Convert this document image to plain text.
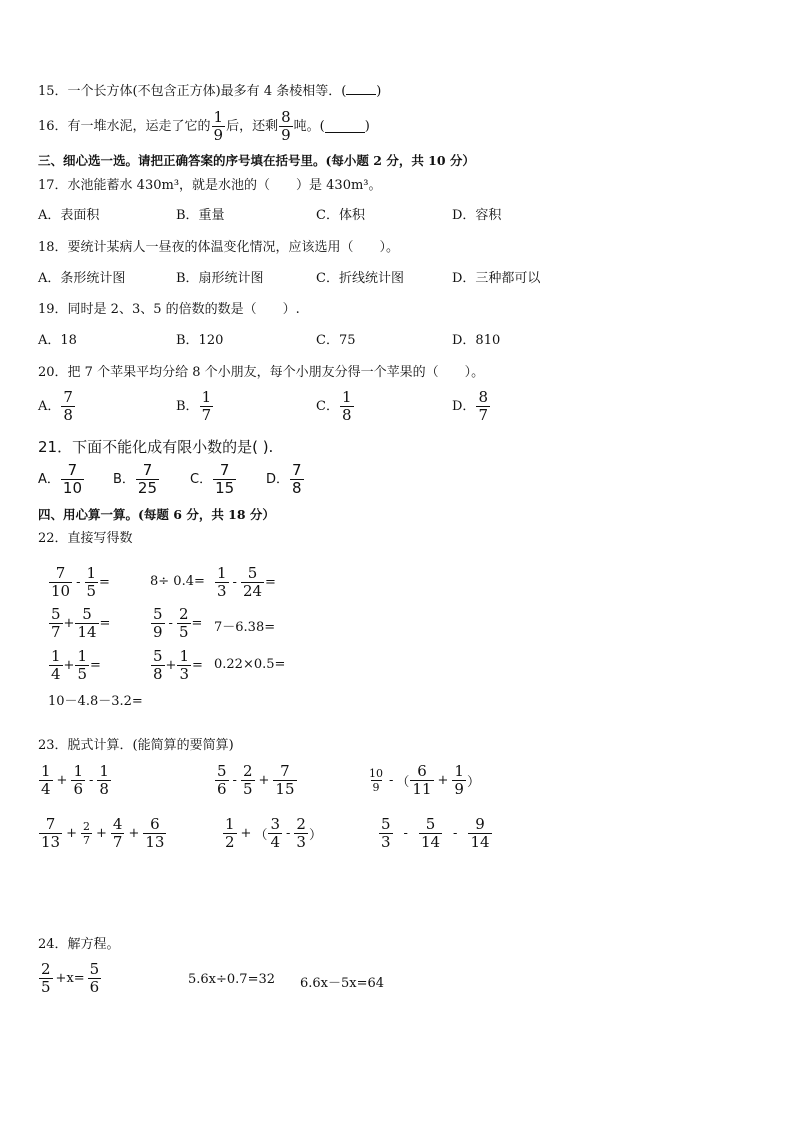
15．一个长方体(不包含正方体)最多有 4 条棱相等．( )
16．有一堆水泥，运走了它的 $\frac{1}{9}$ 后，还剩 $\frac{8}{9}$ 吨。(	)
三、细心选一选。请把正确答案的序号填在括号里。(每小题 2 分，共 10 分）
17．水池能蓄水 430m³，就是水池的（　　）是 430m³。
A．表面积	B．重量	C．体积	D．容积
18．要统计某病人一昼夜的体温变化情况，应该选用（　　）。
A．条形统计图	B．扇形统计图	C．折线统计图	D．三种都可以
19．同时是 2、3、5 的倍数的数是（　　）.
A．18	B．120	C．75	D．810
20．把 7 个苹果平均分给 8 个小朋友，每个小朋友分得一个苹果的（　　）。
A． $\frac{7}{8}$	B． $\frac{1}{7}$	C． $\frac{1}{8}$	D． $\frac{8}{7}$
21．下面不能化成有限小数的是( ).
A． $\frac{7}{10}$ B． $\frac{7}{25}$ C． $\frac{7}{15}$ D． $\frac{7}{8}$
四、用心算一算。(每题 6 分，共 18 分）
22．直接写得数
$\frac{7}{10} - \frac{1}{5}$ =	$8\div 0.4= \frac{1}{3} - \frac{5}{24}$ =
$\frac{5}{7} + \frac{5}{14}$ =	$\frac{5}{9} - \frac{2}{5} = 7-6.38=$
$\frac{1}{4} + \frac{1}{5}$ =	$\frac{5}{8} + \frac{1}{3} = 0.22\times 0.5=$
10－4.8－3.2=
23．脱式计算．(能简算的要简算)
$\frac{1}{4} + \frac{1}{6} - \frac{1}{8}$	$\frac{5}{6} - \frac{2}{5} + \frac{7}{15}$	$\frac{10}{9}$ - （ $\frac{6}{11} + \frac{1}{9}$ ）
$\frac{7}{13} + \frac{2}{7} + \frac{4}{7} + \frac{6}{13}$	$\frac{1}{2}$ + （ $\frac{3}{4} - \frac{2}{3}$ ）	$\frac{5}{3} - \frac{5}{14} - \frac{9}{14}$
24．解方程。
$\frac{2}{5} +x= \frac{5}{6}$	5.6x÷0.7=32 6.6x－5x=64
